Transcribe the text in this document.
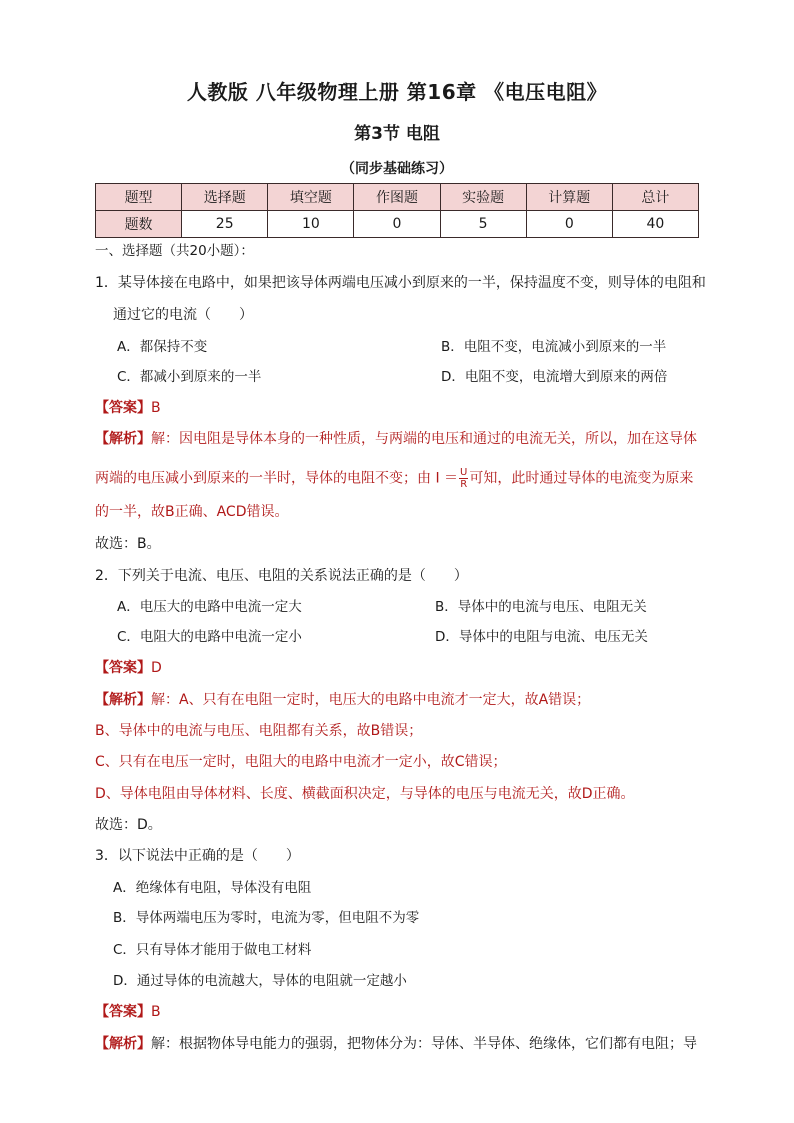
人教版 八年级物理上册 第16章 《电压电阻》
第3节 电阻
（同步基础练习）
题型	选择题	填空题	作图题	实验题	计算题	总计
题数	25	10	0	5	0	40
一、选择题（共20小题）：
1．某导体接在电路中，如果把该导体两端电压减小到原来的一半，保持温度不变，则导体的电阻和
通过它的电流（　　）
A．都保持不变	B．电阻不变，电流减小到原来的一半
C．都减小到原来的一半	D．电阻不变，电流增大到原来的两倍
【答案】B
【解析】解：因电阻是导体本身的一种性质，与两端的电压和通过的电流无关，所以，加在这导体
两端的电压减小到原来的一半时，导体的电阻不变；由 $I = \frac{U}{R}$ 可知，此时通过导体的电流变为原来
的一半，故B正确、ACD错误。
故选：B。
2．下列关于电流、电压、电阻的关系说法正确的是（　　）
A．电压大的电路中电流一定大	B．导体中的电流与电压、电阻无关
C．电阻大的电路中电流一定小	D．导体中的电阻与电流、电压无关
【答案】D
【解析】解：A、只有在电阻一定时，电压大的电路中电流才一定大，故A错误；
B、导体中的电流与电压、电阻都有关系，故B错误；
C、只有在电压一定时，电阻大的电路中电流才一定小，故C错误；
D、导体电阻由导体材料、长度、横截面积决定，与导体的电压与电流无关，故D正确。
故选：D。
3．以下说法中正确的是（　　）
A．绝缘体有电阻，导体没有电阻
B．导体两端电压为零时，电流为零，但电阻不为零
C．只有导体才能用于做电工材料
D．通过导体的电流越大，导体的电阻就一定越小
【答案】B
【解析】解：根据物体导电能力的强弱，把物体分为：导体、半导体、绝缘体，它们都有电阻；导
